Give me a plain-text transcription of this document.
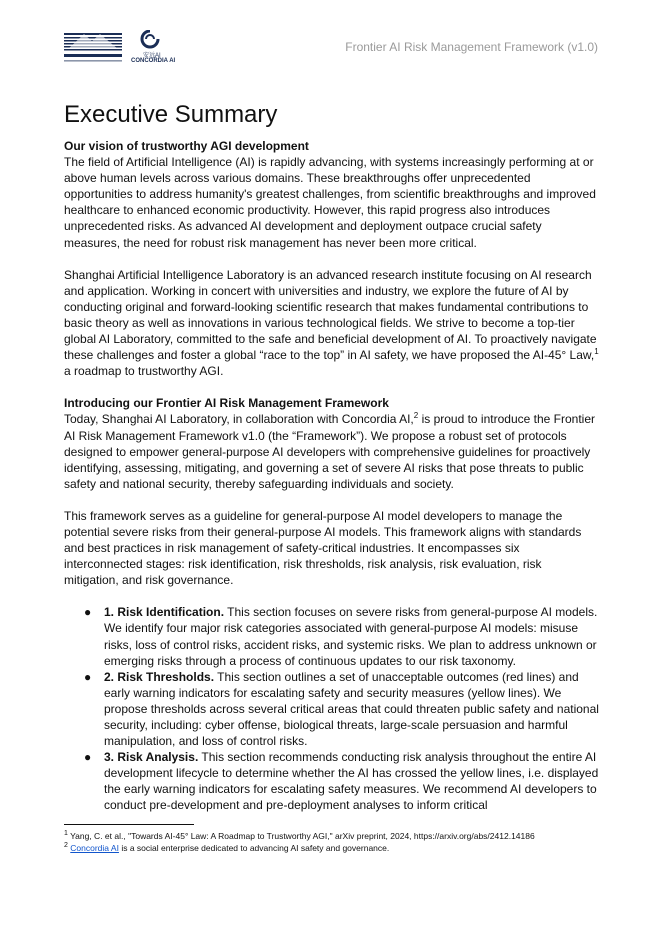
安远AI
CONCORDIA AI
Frontier AI Risk Management Framework (v1.0)
Executive Summary
Our vision of trustworthy AGI development

The field of Artificial Intelligence (AI) is rapidly advancing, with systems increasingly performing at or above human levels across various domains. These breakthroughs offer unprecedented opportunities to address humanity's greatest challenges, from scientific breakthroughs and improved healthcare to enhanced economic productivity. However, this rapid progress also introduces unprecedented risks. As advanced AI development and deployment outpace crucial safety measures, the need for robust risk management has never been more critical.

Shanghai Artificial Intelligence Laboratory is an advanced research institute focusing on AI research and application. Working in concert with universities and industry, we explore the future of AI by conducting original and forward-looking scientific research that makes fundamental contributions to basic theory as well as innovations in various technological fields. We strive to become a top-tier global AI Laboratory, committed to the safe and beneficial development of AI. To proactively navigate these challenges and foster a global “race to the top” in AI safety, we have proposed the AI-45° Law,$^1$ a roadmap to trustworthy AGI.

Introducing our Frontier AI Risk Management Framework

Today, Shanghai AI Laboratory, in collaboration with Concordia AI,$^2$ is proud to introduce the Frontier AI Risk Management Framework v1.0 (the “Framework”). We propose a robust set of protocols designed to empower general-purpose AI developers with comprehensive guidelines for proactively identifying, assessing, mitigating, and governing a set of severe AI risks that pose threats to public safety and national security, thereby safeguarding individuals and society.

This framework serves as a guideline for general-purpose AI model developers to manage the potential severe risks from their general-purpose AI models. This framework aligns with standards and best practices in risk management of safety-critical industries. It encompasses six interconnected stages: risk identification, risk thresholds, risk analysis, risk evaluation, risk mitigation, and risk governance.

● 1. Risk Identification. This section focuses on severe risks from general-purpose AI models. We identify four major risk categories associated with general-purpose AI models: misuse risks, loss of control risks, accident risks, and systemic risks. We plan to address unknown or emerging risks through a process of continuous updates to our risk taxonomy.
● 2. Risk Thresholds. This section outlines a set of unacceptable outcomes (red lines) and early warning indicators for escalating safety and security measures (yellow lines). We propose thresholds across several critical areas that could threaten public safety and national security, including: cyber offense, biological threats, large-scale persuasion and harmful manipulation, and loss of control risks.
● 3. Risk Analysis. This section recommends conducting risk analysis throughout the entire AI development lifecycle to determine whether the AI has crossed the yellow lines, i.e. displayed the early warning indicators for escalating safety measures. We recommend AI developers to conduct pre-development and pre-deployment analyses to inform critical
$^1$ Yang, C. et al., "Towards AI-45° Law: A Roadmap to Trustworthy AGI," arXiv preprint, 2024, https://arxiv.org/abs/2412.14186
$^2$ Concordia AI is a social enterprise dedicated to advancing AI safety and governance.
